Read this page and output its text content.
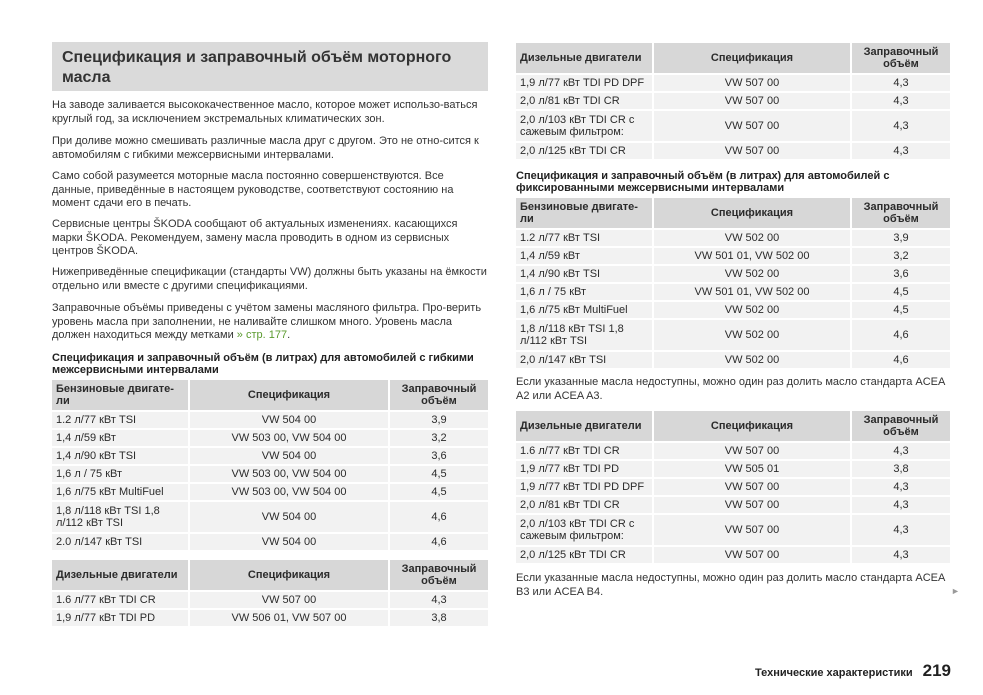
Спецификация и заправочный объём моторного масла
На заводе заливается высококачественное масло, которое может использо-ваться круглый год, за исключением экстремальных климатических зон.
При доливе можно смешивать различные масла друг с другом. Это не отно-сится к автомобилям с гибкими межсервисными интервалами.
Само собой разумеется моторные масла постоянно совершенствуются. Все данные, приведённые в настоящем руководстве, соответствуют состоянию на момент сдачи его в печать.
Сервисные центры ŠKODA сообщают об актуальных изменениях. касающихся марки ŠKODA. Рекомендуем, замену масла проводить в одном из сервисных центров ŠKODA.
Нижеприведённые спецификации (стандарты VW) должны быть указаны на ёмкости отдельно или вместе с другими спецификациями.
Заправочные объёмы приведены с учётом замены масляного фильтра. Про-верить уровень масла при заполнении, не наливайте слишком много. Уровень масла должен находиться между метками » стр. 177.
Спецификация и заправочный объём (в литрах) для автомобилей с гибкими межсервисными интервалами
Бензиновые двигате-ли	Спецификация	Заправочный объём
1.2 л/77 кВт TSI	VW 504 00	3,9
1,4 л/59 кВт	VW 503 00, VW 504 00	3,2
1,4 л/90 кВт TSI	VW 504 00	3,6
1,6 л / 75 кВт	VW 503 00, VW 504 00	4,5
1,6 л/75 кВт MultiFuel	VW 503 00, VW 504 00	4,5
1,8 л/118 кВт TSI 1,8 л/112 кВт TSI	VW 504 00	4,6
2.0 л/147 кВт TSI	VW 504 00	4,6
Дизельные двигатели	Спецификация	Заправочный объём
1.6 л/77 кВт TDI CR	VW 507 00	4,3
1,9 л/77 кВт TDI PD	VW 506 01, VW 507 00	3,8
Дизельные двигатели	Спецификация	Заправочный объём
1,9 л/77 кВт TDI PD DPF	VW 507 00	4,3
2,0 л/81 кВт TDI CR	VW 507 00	4,3
2,0 л/103 кВт TDI CR с сажевым фильтром:	VW 507 00	4,3
2,0 л/125 кВт TDI CR	VW 507 00	4,3
Спецификация и заправочный объём (в литрах) для автомобилей с фиксированными межсервисными интервалами
Бензиновые двигате-ли	Спецификация	Заправочный объём
1.2 л/77 кВт TSI	VW 502 00	3,9
1,4 л/59 кВт	VW 501 01, VW 502 00	3,2
1,4 л/90 кВт TSI	VW 502 00	3,6
1,6 л / 75 кВт	VW 501 01, VW 502 00	4,5
1,6 л/75 кВт MultiFuel	VW 502 00	4,5
1,8 л/118 кВт TSI 1,8 л/112 кВт TSI	VW 502 00	4,6
2,0 л/147 кВт TSI	VW 502 00	4,6
Если указанные масла недоступны, можно один раз долить масло стандарта ACEA A2 или ACEA A3.
Дизельные двигатели	Спецификация	Заправочный объём
1.6 л/77 кВт TDI CR	VW 507 00	4,3
1,9 л/77 кВт TDI PD	VW 505 01	3,8
1,9 л/77 кВт TDI PD DPF	VW 507 00	4,3
2,0 л/81 кВт TDI CR	VW 507 00	4,3
2,0 л/103 кВт TDI CR с сажевым фильтром:	VW 507 00	4,3
2,0 л/125 кВт TDI CR	VW 507 00	4,3
Если указанные масла недоступны, можно один раз долить масло стандарта ACEA B3 или ACEA B4.	►
Технические характеристики 219
